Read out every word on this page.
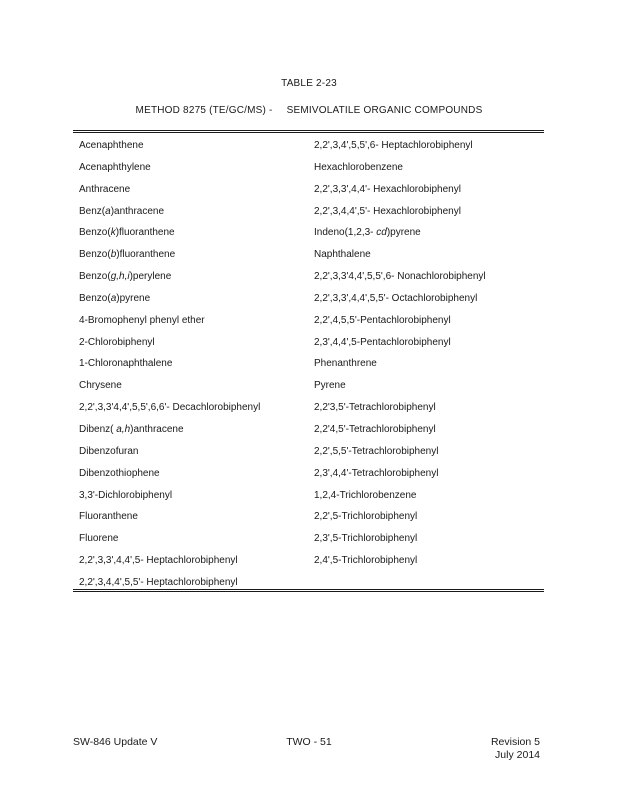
TABLE 2-23
METHOD 8275 (TE/GC/MS) - SEMIVOLATILE ORGANIC COMPOUNDS
Acenaphthene
Acenaphthylene
Anthracene
Benz(a)anthracene
Benzo(k)fluoranthene
Benzo(b)fluoranthene
Benzo(g,h,i)perylene
Benzo(a)pyrene
4-Bromophenyl phenyl ether
2-Chlorobiphenyl
1-Chloronaphthalene
Chrysene
2,2',3,3'4,4',5,5',6,6'- Decachlorobiphenyl
Dibenz( a,h)anthracene
Dibenzofuran
Dibenzothiophene
3,3'-Dichlorobiphenyl
Fluoranthene
Fluorene
2,2',3,3',4,4',5- Heptachlorobiphenyl
2,2',3,4,4',5,5'- Heptachlorobiphenyl
2,2',3,4',5,5',6- Heptachlorobiphenyl
Hexachlorobenzene
2,2',3,3',4,4'- Hexachlorobiphenyl
2,2',3,4,4',5'- Hexachlorobiphenyl
Indeno(1,2,3- cd)pyrene
Naphthalene
2,2',3,3'4,4',5,5',6- Nonachlorobiphenyl
2,2',3,3',4,4',5,5'- Octachlorobiphenyl
2,2',4,5,5'-Pentachlorobiphenyl
2,3',4,4',5-Pentachlorobiphenyl
Phenanthrene
Pyrene
2,2'3,5'-Tetrachlorobiphenyl
2,2'4,5'-Tetrachlorobiphenyl
2,2',5,5'-Tetrachlorobiphenyl
2,3',4,4'-Tetrachlorobiphenyl
1,2,4-Trichlorobenzene
2,2',5-Trichlorobiphenyl
2,3',5-Trichlorobiphenyl
2,4',5-Trichlorobiphenyl
SW-846 Update V	TWO - 51	Revision 5
July 2014
